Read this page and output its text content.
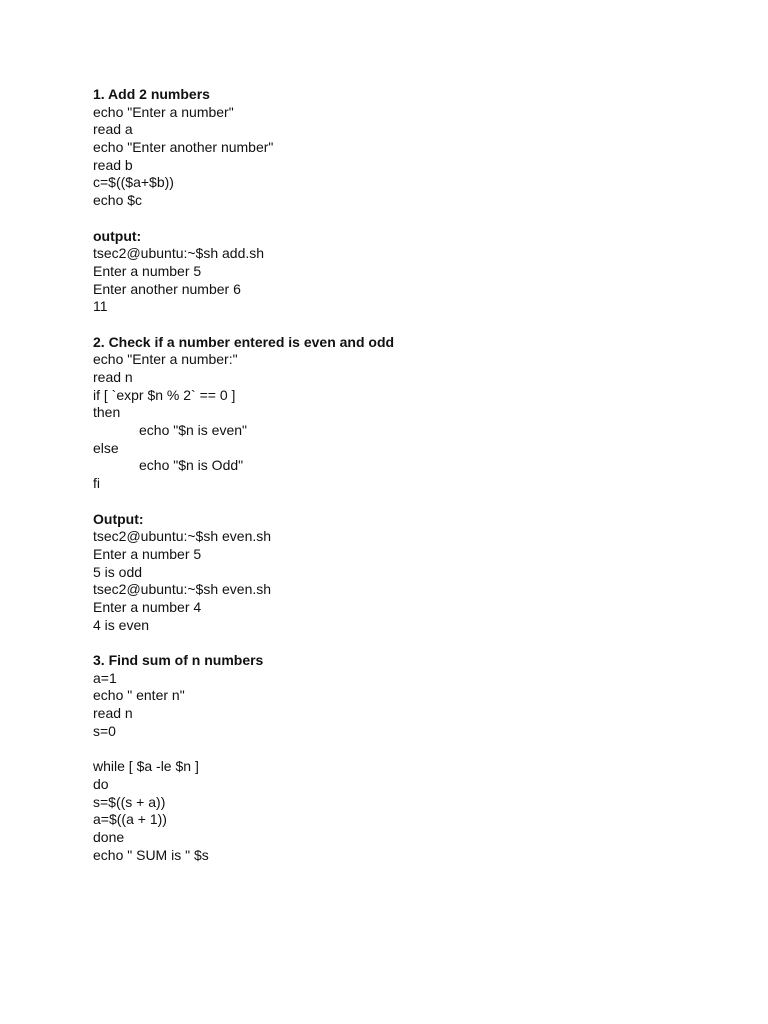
1. Add 2 numbers
echo "Enter a number"
read a
echo "Enter another number"
read b
c=$(($a+$b))
echo $c
output:
tsec2@ubuntu:~$sh add.sh
Enter a number 5
Enter another number 6
11
2. Check if a number entered is even and odd
echo "Enter a number:"
read n
if [ `expr $n % 2` == 0 ]
then
echo "$n is even"
else
echo "$n is Odd"
fi
Output:
tsec2@ubuntu:~$sh even.sh
Enter a number 5
5 is odd
tsec2@ubuntu:~$sh even.sh
Enter a number 4
4 is even
3. Find sum of n numbers
a=1
echo " enter n"
read n
s=0
while [ $a -le $n ]
do
s=$((s + a))
a=$((a + 1))
done
echo " SUM is " $s
